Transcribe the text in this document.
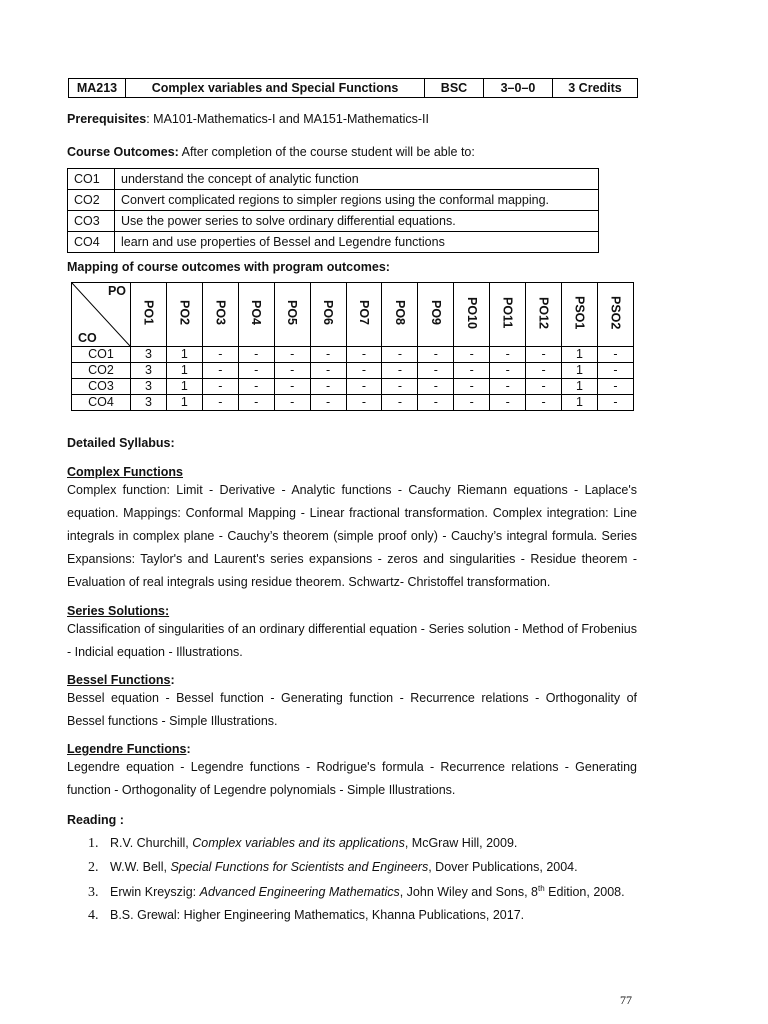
MA213	Complex variables and Special Functions	BSC	3–0–0	3 Credits
Prerequisites: MA101-Mathematics-I and MA151-Mathematics-II
Course Outcomes: After completion of the course student will be able to:
CO1	understand the concept of analytic function
CO2	Convert complicated regions to simpler regions using the conformal mapping.
CO3	Use the power series to solve ordinary differential equations.
CO4	learn and use properties of Bessel and Legendre functions
Mapping of course outcomes with program outcomes:
PO
CO	PO1	PO2	PO3	PO4	PO5	PO6	PO7	PO8	PO9	PO10	PO11	PO12	PSO1	PSO2
CO1	3	1	-	-	-	-	-	-	-	-	-	-	1	-
CO2	3	1	-	-	-	-	-	-	-	-	-	-	1	-
CO3	3	1	-	-	-	-	-	-	-	-	-	-	1	-
CO4	3	1	-	-	-	-	-	-	-	-	-	-	1	-
Detailed Syllabus:
Complex Functions
Complex function: Limit - Derivative - Analytic functions - Cauchy Riemann equations - Laplace's equation. Mappings: Conformal Mapping - Linear fractional transformation. Complex integration: Line integrals in complex plane - Cauchy’s theorem (simple proof only) - Cauchy’s integral formula. Series Expansions: Taylor's and Laurent's series expansions - zeros and singularities - Residue theorem - Evaluation of real integrals using residue theorem. Schwartz- Christoffel transformation.
Series Solutions:
Classification of singularities of an ordinary differential equation - Series solution - Method of Frobenius - Indicial equation - Illustrations.
Bessel Functions:
Bessel equation - Bessel function - Generating function - Recurrence relations - Orthogonality of Bessel functions - Simple Illustrations.
Legendre Functions:
Legendre equation - Legendre functions - Rodrigue's formula - Recurrence relations - Generating function - Orthogonality of Legendre polynomials - Simple Illustrations.
Reading :
1. R.V. Churchill, Complex variables and its applications, McGraw Hill, 2009.
2. W.W. Bell, Special Functions for Scientists and Engineers, Dover Publications, 2004.
3. Erwin Kreyszig: Advanced Engineering Mathematics, John Wiley and Sons, 8th Edition, 2008.
4. B.S. Grewal: Higher Engineering Mathematics, Khanna Publications, 2017.
77
